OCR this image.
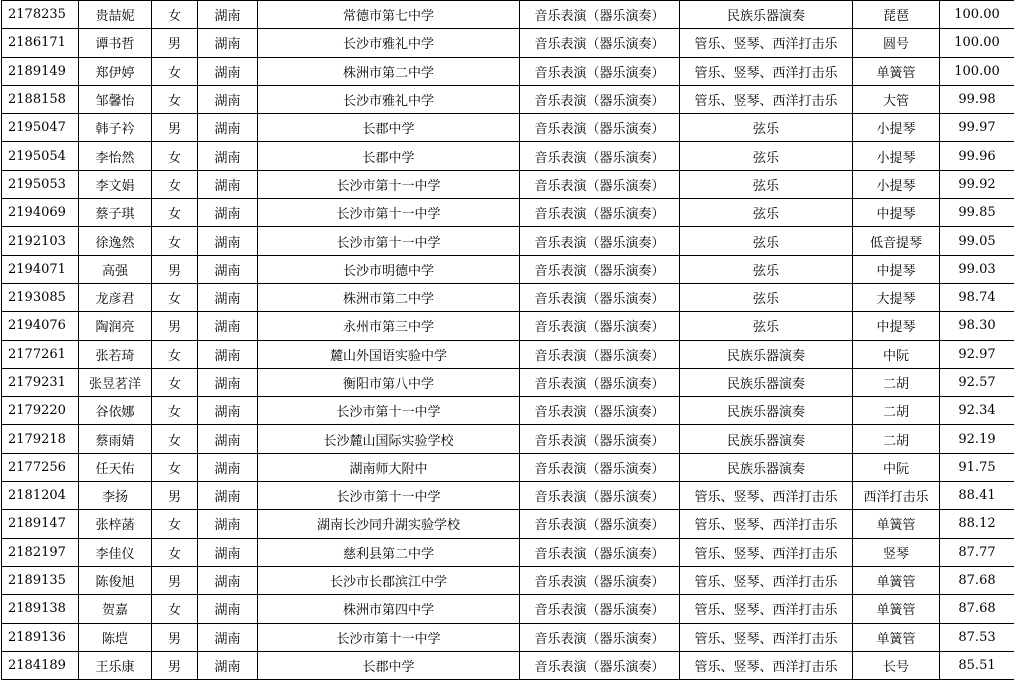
2178235	贵喆妮	女	湖南	常德市第七中学	音乐表演（器乐演奏）	民族乐器演奏	琵琶	100.00
2186171	谭书哲	男	湖南	长沙市雅礼中学	音乐表演（器乐演奏）	管乐、竖琴、西洋打击乐	圆号	100.00
2189149	郑伊婷	女	湖南	株洲市第二中学	音乐表演（器乐演奏）	管乐、竖琴、西洋打击乐	单簧管	100.00
2188158	邹馨怡	女	湖南	长沙市雅礼中学	音乐表演（器乐演奏）	管乐、竖琴、西洋打击乐	大管	99.98
2195047	韩子衿	男	湖南	长郡中学	音乐表演（器乐演奏）	弦乐	小提琴	99.97
2195054	李怡然	女	湖南	长郡中学	音乐表演（器乐演奏）	弦乐	小提琴	99.96
2195053	李文娟	女	湖南	长沙市第十一中学	音乐表演（器乐演奏）	弦乐	小提琴	99.92
2194069	蔡子琪	女	湖南	长沙市第十一中学	音乐表演（器乐演奏）	弦乐	中提琴	99.85
2192103	徐逸然	女	湖南	长沙市第十一中学	音乐表演（器乐演奏）	弦乐	低音提琴	99.05
2194071	高强	男	湖南	长沙市明德中学	音乐表演（器乐演奏）	弦乐	中提琴	99.03
2193085	龙彦君	女	湖南	株洲市第二中学	音乐表演（器乐演奏）	弦乐	大提琴	98.74
2194076	陶润亮	男	湖南	永州市第三中学	音乐表演（器乐演奏）	弦乐	中提琴	98.30
2177261	张若琦	女	湖南	麓山外国语实验中学	音乐表演（器乐演奏）	民族乐器演奏	中阮	92.97
2179231	张昱茗洋	女	湖南	衡阳市第八中学	音乐表演（器乐演奏）	民族乐器演奏	二胡	92.57
2179220	谷依娜	女	湖南	长沙市第十一中学	音乐表演（器乐演奏）	民族乐器演奏	二胡	92.34
2179218	蔡雨婧	女	湖南	长沙麓山国际实验学校	音乐表演（器乐演奏）	民族乐器演奏	二胡	92.19
2177256	任天佑	女	湖南	湖南师大附中	音乐表演（器乐演奏）	民族乐器演奏	中阮	91.75
2181204	李扬	男	湖南	长沙市第十一中学	音乐表演（器乐演奏）	管乐、竖琴、西洋打击乐	西洋打击乐	88.41
2189147	张梓菡	女	湖南	湖南长沙同升湖实验学校	音乐表演（器乐演奏）	管乐、竖琴、西洋打击乐	单簧管	88.12
2182197	李佳仪	女	湖南	慈利县第二中学	音乐表演（器乐演奏）	管乐、竖琴、西洋打击乐	竖琴	87.77
2189135	陈俊旭	男	湖南	长沙市长郡滨江中学	音乐表演（器乐演奏）	管乐、竖琴、西洋打击乐	单簧管	87.68
2189138	贺嘉	女	湖南	株洲市第四中学	音乐表演（器乐演奏）	管乐、竖琴、西洋打击乐	单簧管	87.68
2189136	陈垲	男	湖南	长沙市第十一中学	音乐表演（器乐演奏）	管乐、竖琴、西洋打击乐	单簧管	87.53
2184189	王乐康	男	湖南	长郡中学	音乐表演（器乐演奏）	管乐、竖琴、西洋打击乐	长号	85.51
